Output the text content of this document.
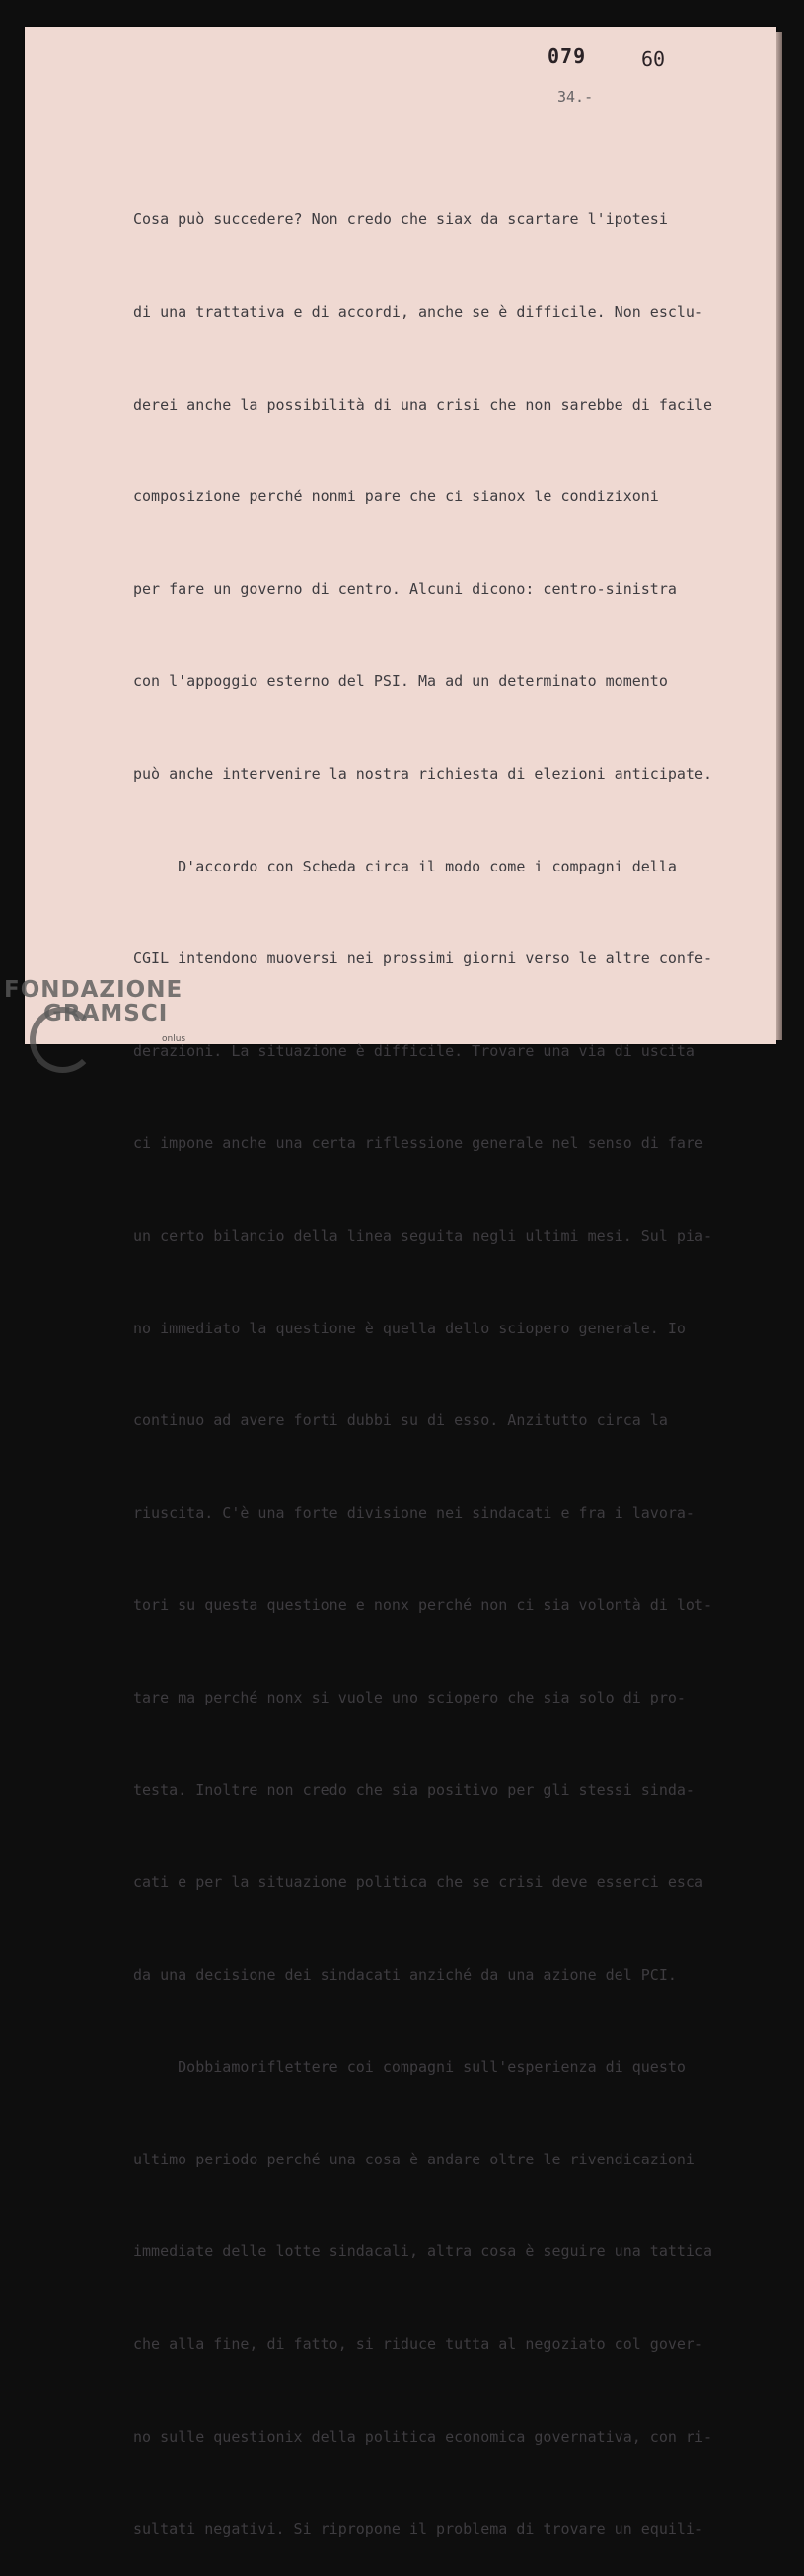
079	60
34.-

Cosa può succedere? Non credo che siax da scartare l'ipotesi

di una trattativa e di accordi, anche se è difficile. Non esclu-

derei anche la possibilità di una crisi che non sarebbe di facile

composizione perché nonmi pare che ci sianox le condizixoni

per fare un governo di centro. Alcuni dicono: centro-sinistra

con l'appoggio esterno del PSI. Ma ad un determinato momento

può anche intervenire la nostra richiesta di elezioni anticipate.

D'accordo con Scheda circa il modo come i compagni della

CGIL intendono muoversi nei prossimi giorni verso le altre confe-

derazioni. La situazione è difficile. Trovare una via di uscita

ci impone anche una certa riflessione generale nel senso di fare

un certo bilancio della linea seguita negli ultimi mesi. Sul pia-

no immediato la questione è quella dello sciopero generale. Io

continuo ad avere forti dubbi su di esso. Anzitutto circa la

riuscita. C'è una forte divisione nei sindacati e fra i lavora-

tori su questa questione e nonx perché non ci sia volontà di lot-

tare ma perché nonx si vuole uno sciopero che sia solo di pro-

testa. Inoltre non credo che sia positivo per gli stessi sinda-

cati e per la situazione politica che se crisi deve esserci esca

da una decisione dei sindacati anziché da una azione del PCI.

Dobbiamoriflettere coi compagni sull'esperienza di questo

ultimo periodo perché una cosa è andare oltre le rivendicazioni

immediate delle lotte sindacali, altra cosa è seguire una tattica

che alla fine, di fatto, si riduce tutta al negoziato col gover-

no sulle questionix della politica economica governativa, con ri-

sultati negativi. Si ripropone il problema di trovare un equili-

FONDAZIONE
GRAMSCI
onlus
